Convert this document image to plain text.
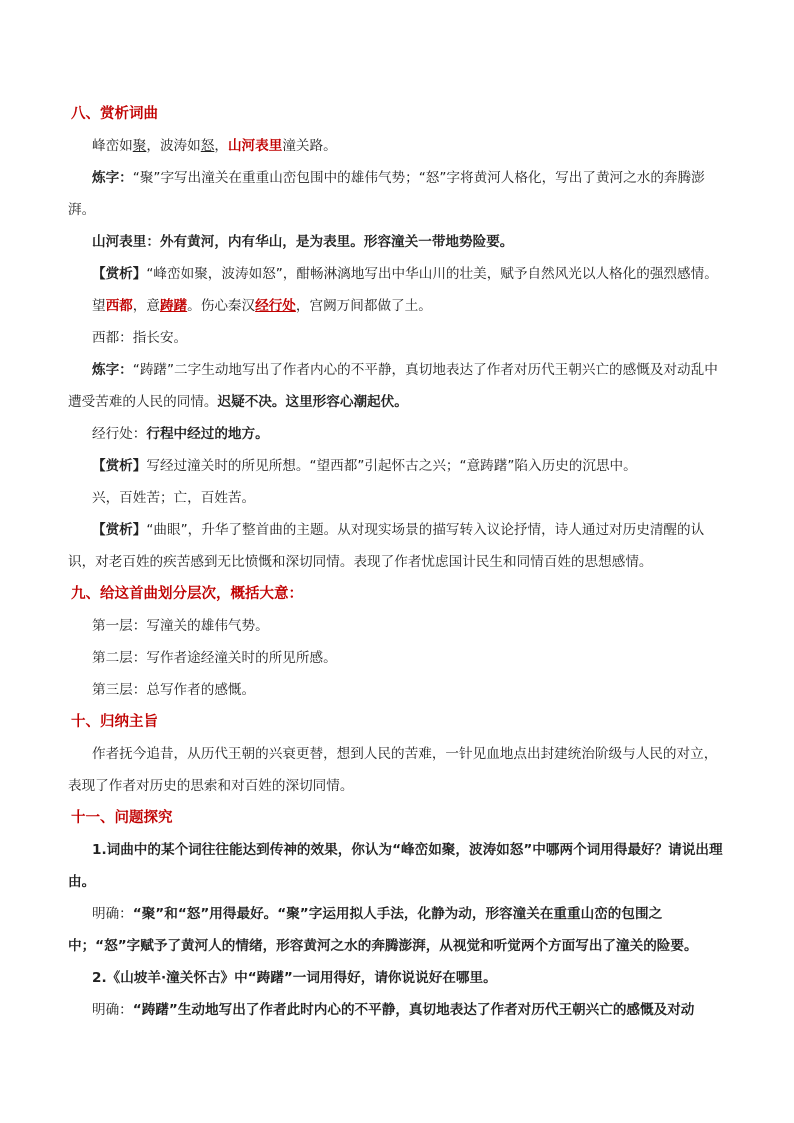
八、赏析词曲

峰峦如聚，波涛如怒，山河表里潼关路。

炼字：“聚”字写出潼关在重重山峦包围中的雄伟气势；“怒”字将黄河人格化，写出了黄河之水的奔腾澎湃。

山河表里：外有黄河，内有华山，是为表里。形容潼关一带地势险要。

【赏析】“峰峦如聚，波涛如怒”，酣畅淋漓地写出中华山川的壮美，赋予自然风光以人格化的强烈感情。

望西都，意踌躇。伤心秦汉经行处，宫阙万间都做了土。

西都：指长安。

炼字：“踌躇”二字生动地写出了作者内心的不平静，真切地表达了作者对历代王朝兴亡的感慨及对动乱中遭受苦难的人民的同情。迟疑不决。这里形容心潮起伏。

经行处：行程中经过的地方。

【赏析】写经过潼关时的所见所想。“望西都”引起怀古之兴；“意踌躇”陷入历史的沉思中。

兴，百姓苦；亡，百姓苦。

【赏析】“曲眼”，升华了整首曲的主题。从对现实场景的描写转入议论抒情，诗人通过对历史清醒的认识，对老百姓的疾苦感到无比愤慨和深切同情。表现了作者忧虑国计民生和同情百姓的思想感情。

九、给这首曲划分层次，概括大意：

第一层：写潼关的雄伟气势。

第二层：写作者途经潼关时的所见所感。

第三层：总写作者的感慨。

十、归纳主旨

作者抚今追昔，从历代王朝的兴衰更替，想到人民的苦难，一针见血地点出封建统治阶级与人民的对立，表现了作者对历史的思索和对百姓的深切同情。

十一、问题探究

1.词曲中的某个词往往能达到传神的效果，你认为“峰峦如聚，波涛如怒”中哪两个词用得最好？请说出理由。

明确：“聚”和“怒”用得最好。“聚”字运用拟人手法，化静为动，形容潼关在重重山峦的包围之中；“怒”字赋予了黄河人的情绪，形容黄河之水的奔腾澎湃，从视觉和听觉两个方面写出了潼关的险要。

2.《山坡羊·潼关怀古》中“踌躇”一词用得好，请你说说好在哪里。

明确：“踌躇”生动地写出了作者此时内心的不平静，真切地表达了作者对历代王朝兴亡的感慨及对动
